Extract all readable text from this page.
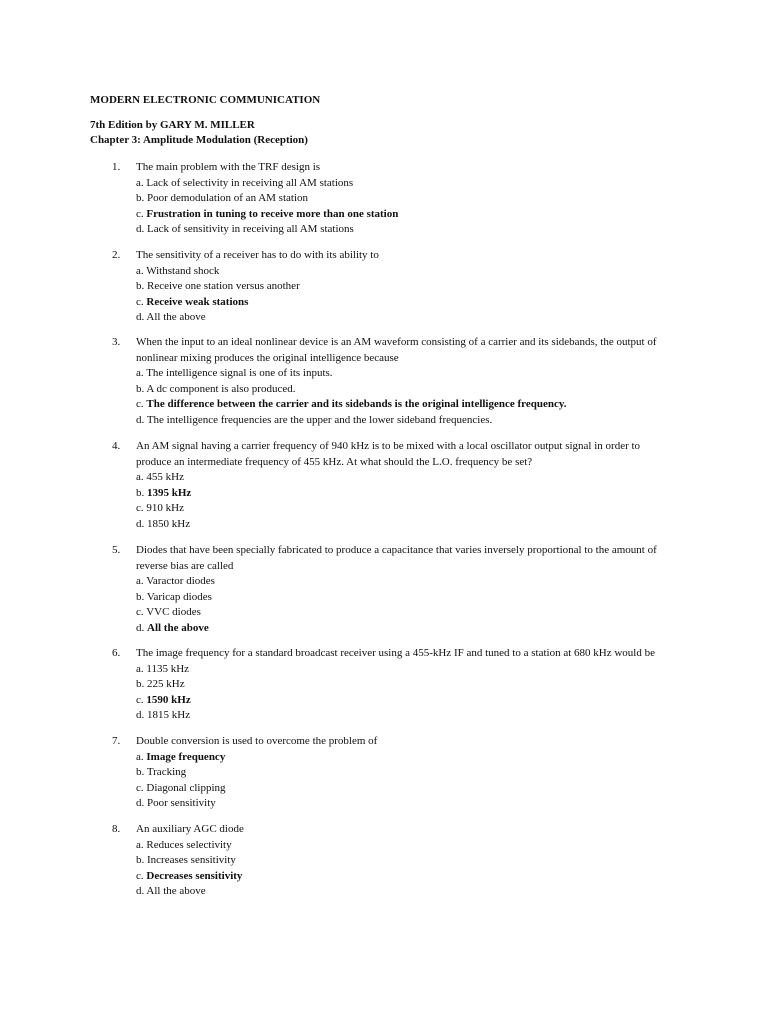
MODERN ELECTRONIC COMMUNICATION
7th Edition by GARY M. MILLER
Chapter 3: Amplitude Modulation (Reception)
1. The main problem with the TRF design is
a. Lack of selectivity in receiving all AM stations
b. Poor demodulation of an AM station
c. Frustration in tuning to receive more than one station
d. Lack of sensitivity in receiving all AM stations
2. The sensitivity of a receiver has to do with its ability to
a. Withstand shock
b. Receive one station versus another
c. Receive weak stations
d. All the above
3. When the input to an ideal nonlinear device is an AM waveform consisting of a carrier and its sidebands, the output of nonlinear mixing produces the original intelligence because
a. The intelligence signal is one of its inputs.
b. A dc component is also produced.
c. The difference between the carrier and its sidebands is the original intelligence frequency.
d. The intelligence frequencies are the upper and the lower sideband frequencies.
4. An AM signal having a carrier frequency of 940 kHz is to be mixed with a local oscillator output signal in order to produce an intermediate frequency of 455 kHz. At what should the L.O. frequency be set?
a. 455 kHz
b. 1395 kHz
c. 910 kHz
d. 1850 kHz
5. Diodes that have been specially fabricated to produce a capacitance that varies inversely proportional to the amount of reverse bias are called
a. Varactor diodes
b. Varicap diodes
c. VVC diodes
d. All the above
6. The image frequency for a standard broadcast receiver using a 455-kHz IF and tuned to a station at 680 kHz would be
a. 1135 kHz
b. 225 kHz
c. 1590 kHz
d. 1815 kHz
7. Double conversion is used to overcome the problem of
a. Image frequency
b. Tracking
c. Diagonal clipping
d. Poor sensitivity
8. An auxiliary AGC diode
a. Reduces selectivity
b. Increases sensitivity
c. Decreases sensitivity
d. All the above
